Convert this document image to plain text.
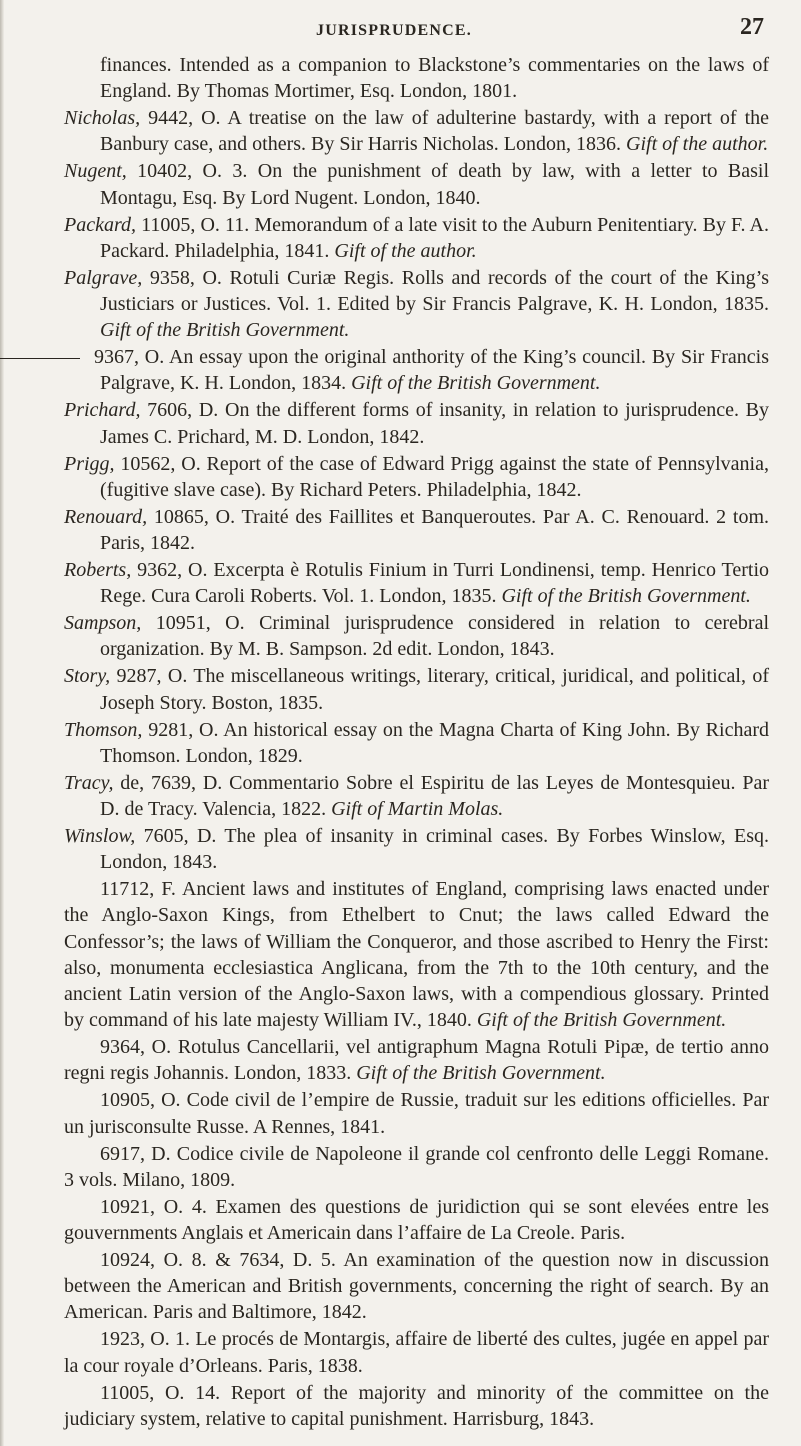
JURISPRUDENCE.	27
finances. Intended as a companion to Blackstone’s commentaries on the laws of England. By Thomas Mortimer, Esq. London, 1801.
Nicholas, 9442, O. A treatise on the law of adulterine bastardy, with a report of the Banbury case, and others. By Sir Harris Nicholas. London, 1836. Gift of the author.
Nugent, 10402, O. 3. On the punishment of death by law, with a letter to Basil Montagu, Esq. By Lord Nugent. London, 1840.
Packard, 11005, O. 11. Memorandum of a late visit to the Auburn Penitentiary. By F. A. Packard. Philadelphia, 1841. Gift of the author.
Palgrave, 9358, O. Rotuli Curiæ Regis. Rolls and records of the court of the King’s Justiciars or Justices. Vol. 1. Edited by Sir Francis Palgrave, K. H. London, 1835. Gift of the British Government.
9367, O. An essay upon the original anthority of the King’s council. By Sir Francis Palgrave, K. H. London, 1834. Gift of the British Government.
Prichard, 7606, D. On the different forms of insanity, in relation to jurisprudence. By James C. Prichard, M. D. London, 1842.
Prigg, 10562, O. Report of the case of Edward Prigg against the state of Pennsylvania, (fugitive slave case). By Richard Peters. Philadelphia, 1842.
Renouard, 10865, O. Traité des Faillites et Banqueroutes. Par A. C. Renouard. 2 tom. Paris, 1842.
Roberts, 9362, O. Excerpta è Rotulis Finium in Turri Londinensi, temp. Henrico Tertio Rege. Cura Caroli Roberts. Vol. 1. London, 1835. Gift of the British Government.
Sampson, 10951, O. Criminal jurisprudence considered in relation to cerebral organization. By M. B. Sampson. 2d edit. London, 1843.
Story, 9287, O. The miscellaneous writings, literary, critical, juridical, and political, of Joseph Story. Boston, 1835.
Thomson, 9281, O. An historical essay on the Magna Charta of King John. By Richard Thomson. London, 1829.
Tracy, de, 7639, D. Commentario Sobre el Espiritu de las Leyes de Montesquieu. Par D. de Tracy. Valencia, 1822. Gift of Martin Molas.
Winslow, 7605, D. The plea of insanity in criminal cases. By Forbes Winslow, Esq. London, 1843.
11712, F. Ancient laws and institutes of England, comprising laws enacted under the Anglo-Saxon Kings, from Ethelbert to Cnut; the laws called Edward the Confessor’s; the laws of William the Conqueror, and those ascribed to Henry the First: also, monumenta ecclesiastica Anglicana, from the 7th to the 10th century, and the ancient Latin version of the Anglo-Saxon laws, with a compendious glossary. Printed by command of his late majesty William IV., 1840. Gift of the British Government.
9364, O. Rotulus Cancellarii, vel antigraphum Magna Rotuli Pipæ, de tertio anno regni regis Johannis. London, 1833. Gift of the British Government.
10905, O. Code civil de l’empire de Russie, traduit sur les editions officielles. Par un jurisconsulte Russe. A Rennes, 1841.
6917, D. Codice civile de Napoleone il grande col cenfronto delle Leggi Romane. 3 vols. Milano, 1809.
10921, O. 4. Examen des questions de juridiction qui se sont elevées entre les gouvernments Anglais et Americain dans l’affaire de La Creole. Paris.
10924, O. 8. & 7634, D. 5. An examination of the question now in discussion between the American and British governments, concerning the right of search. By an American. Paris and Baltimore, 1842.
1923, O. 1. Le procés de Montargis, affaire de liberté des cultes, jugée en appel par la cour royale d’Orleans. Paris, 1838.
11005, O. 14. Report of the majority and minority of the committee on the judiciary system, relative to capital punishment. Harrisburg, 1843.
